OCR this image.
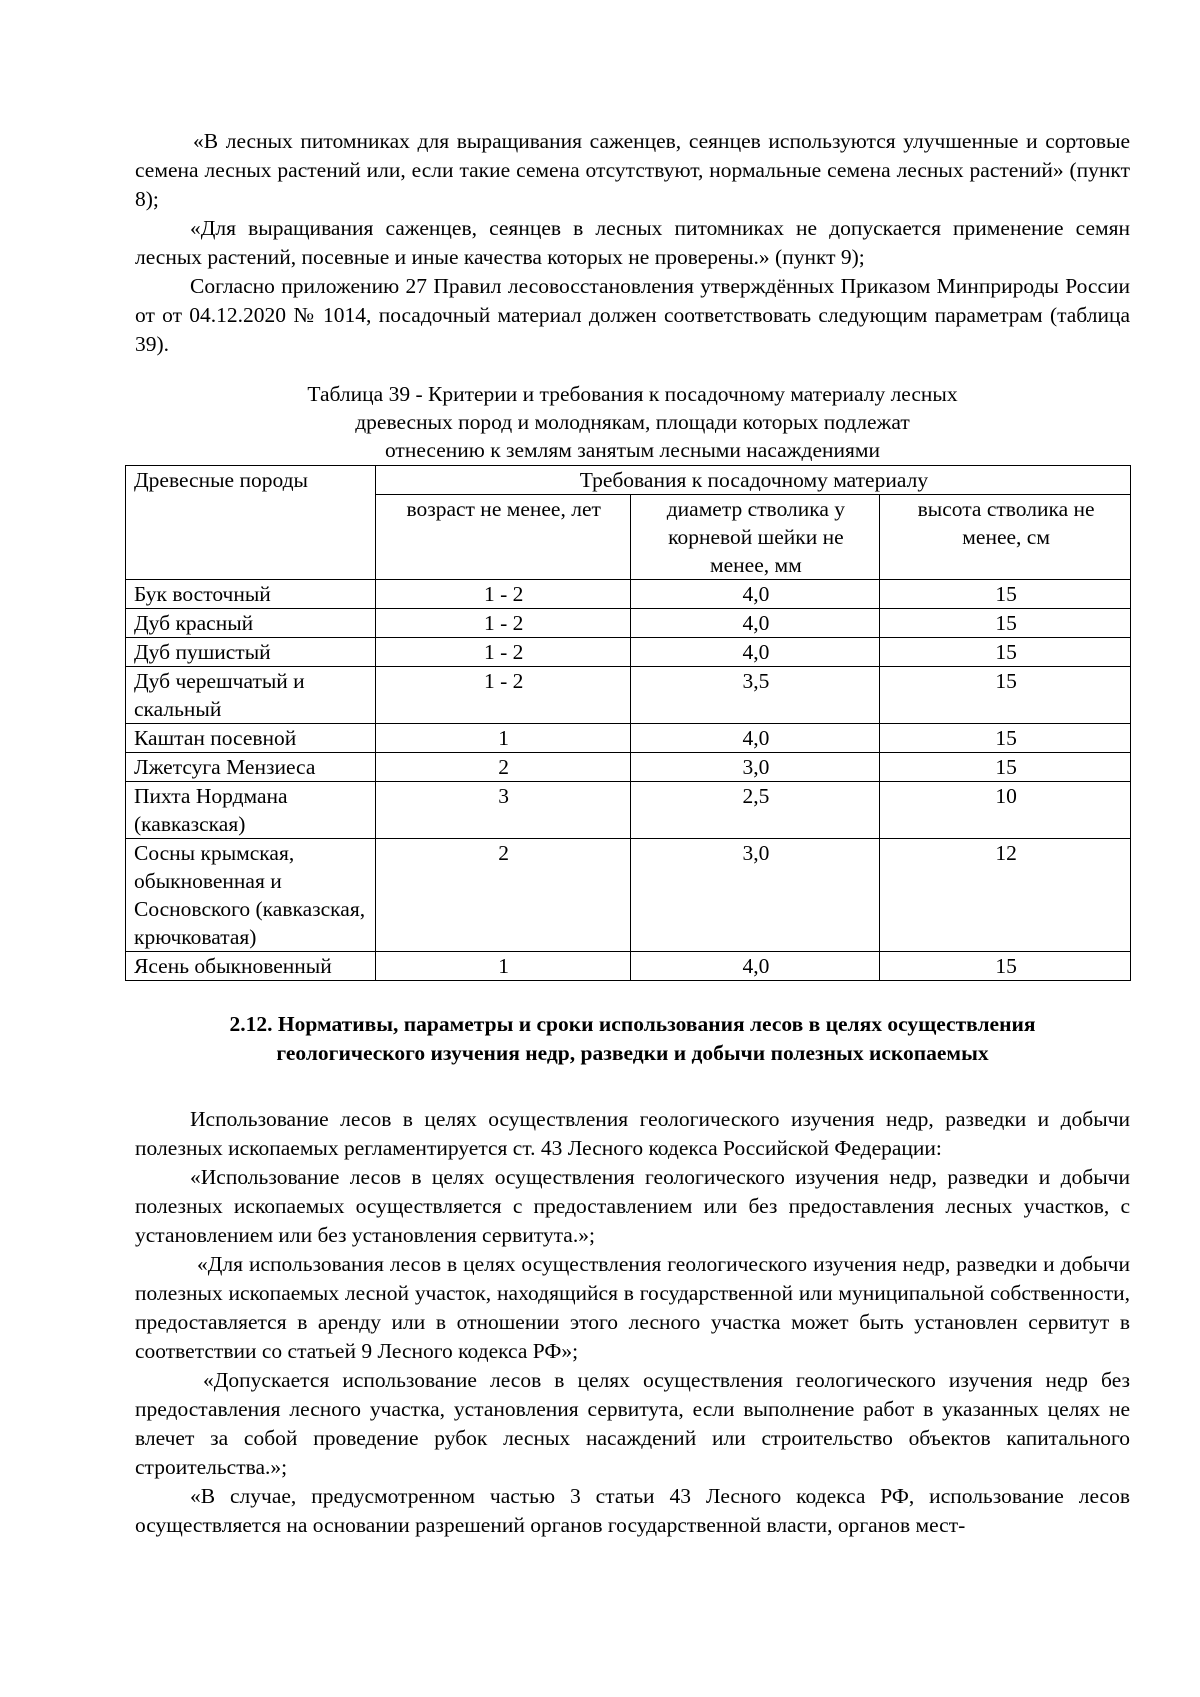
«В лесных питомниках для выращивания саженцев, сеянцев используются улучшенные и сортовые семена лесных растений или, если такие семена отсутствуют, нормальные семена лесных растений» (пункт 8);

«Для выращивания саженцев, сеянцев в лесных питомниках не допускается применение семян лесных растений, посевные и иные качества которых не проверены.» (пункт 9);

Согласно приложению 27 Правил лесовосстановления утверждённых Приказом Минприроды России от от 04.12.2020 № 1014, посадочный материал должен соответствовать следующим параметрам (таблица 39).

Таблица 39 - Критерии и требования к посадочному материалу лесных
древесных пород и молоднякам, площади которых подлежат
отнесению к землям занятым лесными насаждениями
Древесные породы	Требования к посадочному материалу		
	возраст не менее, лет	диаметр стволика у корневой шейки не менее, мм	высота стволика не менее, см
Бук восточный	1 - 2	4,0	15
Дуб красный	1 - 2	4,0	15
Дуб пушистый	1 - 2	4,0	15
Дуб черешчатый и скальный	1 - 2	3,5	15
Каштан посевной	1	4,0	15
Лжетсуга Мензиеса	2	3,0	15
Пихта Нордмана (кавказская)	3	2,5	10
Сосны крымская, обыкновенная и Сосновского (кавказская, крючковатая)	2	3,0	12
Ясень обыкновенный	1	4,0	15
2.12. Нормативы, параметры и сроки использования лесов в целях осуществления
геологического изучения недр, разведки и добычи полезных ископаемых

Использование лесов в целях осуществления геологического изучения недр, разведки и добычи полезных ископаемых регламентируется ст. 43 Лесного кодекса Российской Федерации:

«Использование лесов в целях осуществления геологического изучения недр, разведки и добычи полезных ископаемых осуществляется с предоставлением или без предоставления лесных участков, с установлением или без установления сервитута.»;

«Для использования лесов в целях осуществления геологического изучения недр, разведки и добычи полезных ископаемых лесной участок, находящийся в государственной или муниципальной собственности, предоставляется в аренду или в отношении этого лесного участка может быть установлен сервитут в соответствии со статьей 9 Лесного кодекса РФ»;

«Допускается использование лесов в целях осуществления геологического изучения недр без предоставления лесного участка, установления сервитута, если выполнение работ в указанных целях не влечет за собой проведение рубок лесных насаждений или строительство объектов капитального строительства.»;

«В случае, предусмотренном частью 3 статьи 43 Лесного кодекса РФ, использование лесов осуществляется на основании разрешений органов государственной власти, органов мест-
